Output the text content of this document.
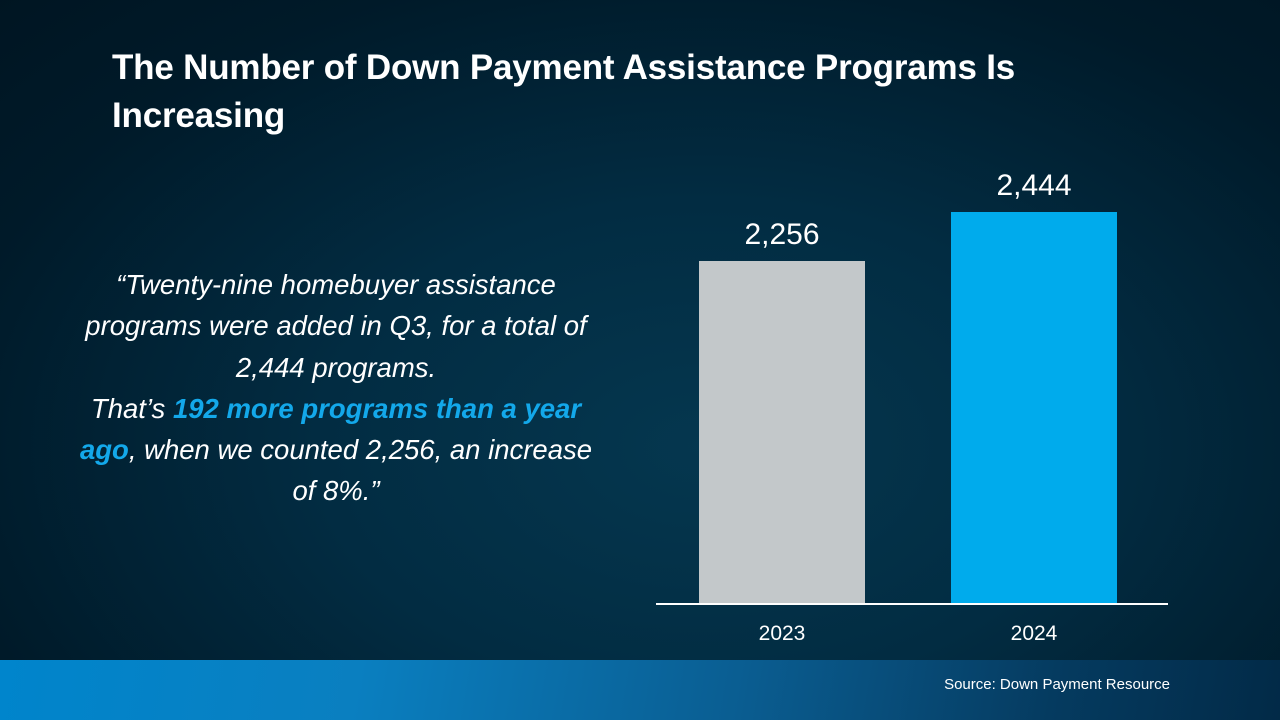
The Number of Down Payment Assistance Programs Is Increasing
“Twenty-nine homebuyer assistance programs were added in Q3, for a total of 2,444 programs.
That’s 192 more programs than a year ago, when we counted 2,256, an increase of 8%.”
2,256
2,444
2023	2024
Source: Down Payment Resource
